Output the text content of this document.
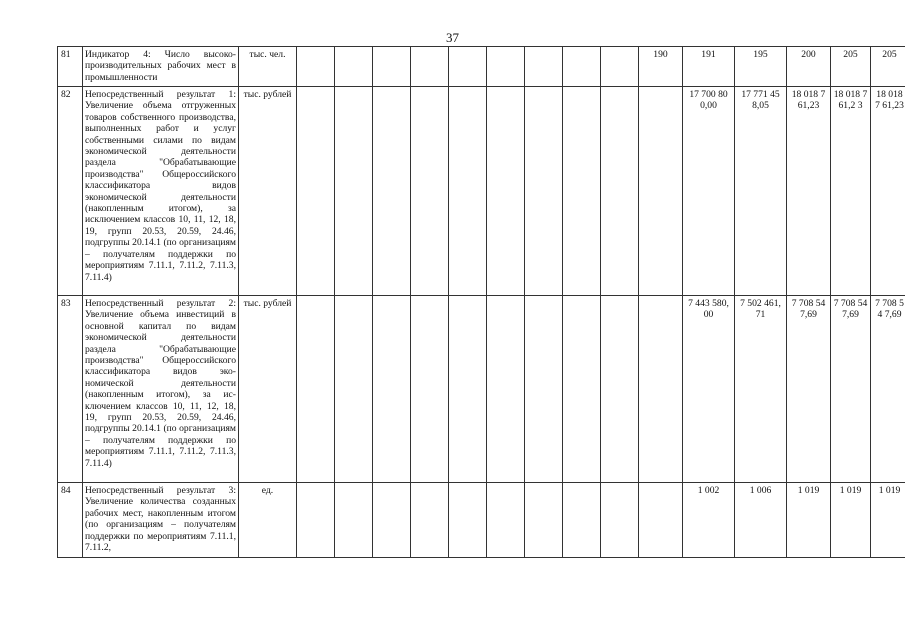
37
81	Индикатор 4: Число высокопроизводительных рабочих мест в промышленности	тыс. чел.										190	191	195	200	205	205
82	Непосредственный результат 1: Увеличение объема отгруженных товаров собственного производства, выполненных работ и услуг собственными силами по видам экономической деятельности раздела "Обрабатывающие производства" Общероссийского классификатора видов экономической деятельности (накопленным итогом), за исключением классов 10, 11, 12, 18, 19, групп 20.53, 20.59, 24.46, подгруппы 20.14.1 (по организациям – получателям поддержки по мероприятиям 7.11.1, 7.11.2, 7.11.3, 7.11.4)	тыс. рублей											17 700 80 0,00	17 771 45 8,05	18 018 7 61,23	18 018 761,2 3	18 018 7 61,23
83	Непосредственный результат 2: Увеличение объема инвестиций в основной капитал по видам экономической деятельности раздела "Обрабатывающие производства" Общероссийского классификатора видов экономической деятельности (накопленным итогом), за исключением классов 10, 11, 12, 18, 19, групп 20.53, 20.59, 24.46, подгруппы 20.14.1 (по организациям – получателям поддержки по мероприятиям 7.11.1, 7.11.2, 7.11.3, 7.11.4)	тыс. рублей											7 443 580, 00	7 502 461, 71	7 708 54 7,69	7 708 547,69	7 708 54 7,69
84	Непосредственный результат 3: Увеличение количества созданных рабочих мест, накопленным итогом (по организациям – получателям поддержки по мероприятиям 7.11.1, 7.11.2,	ед.											1 002	1 006	1 019	1 019	1 019
